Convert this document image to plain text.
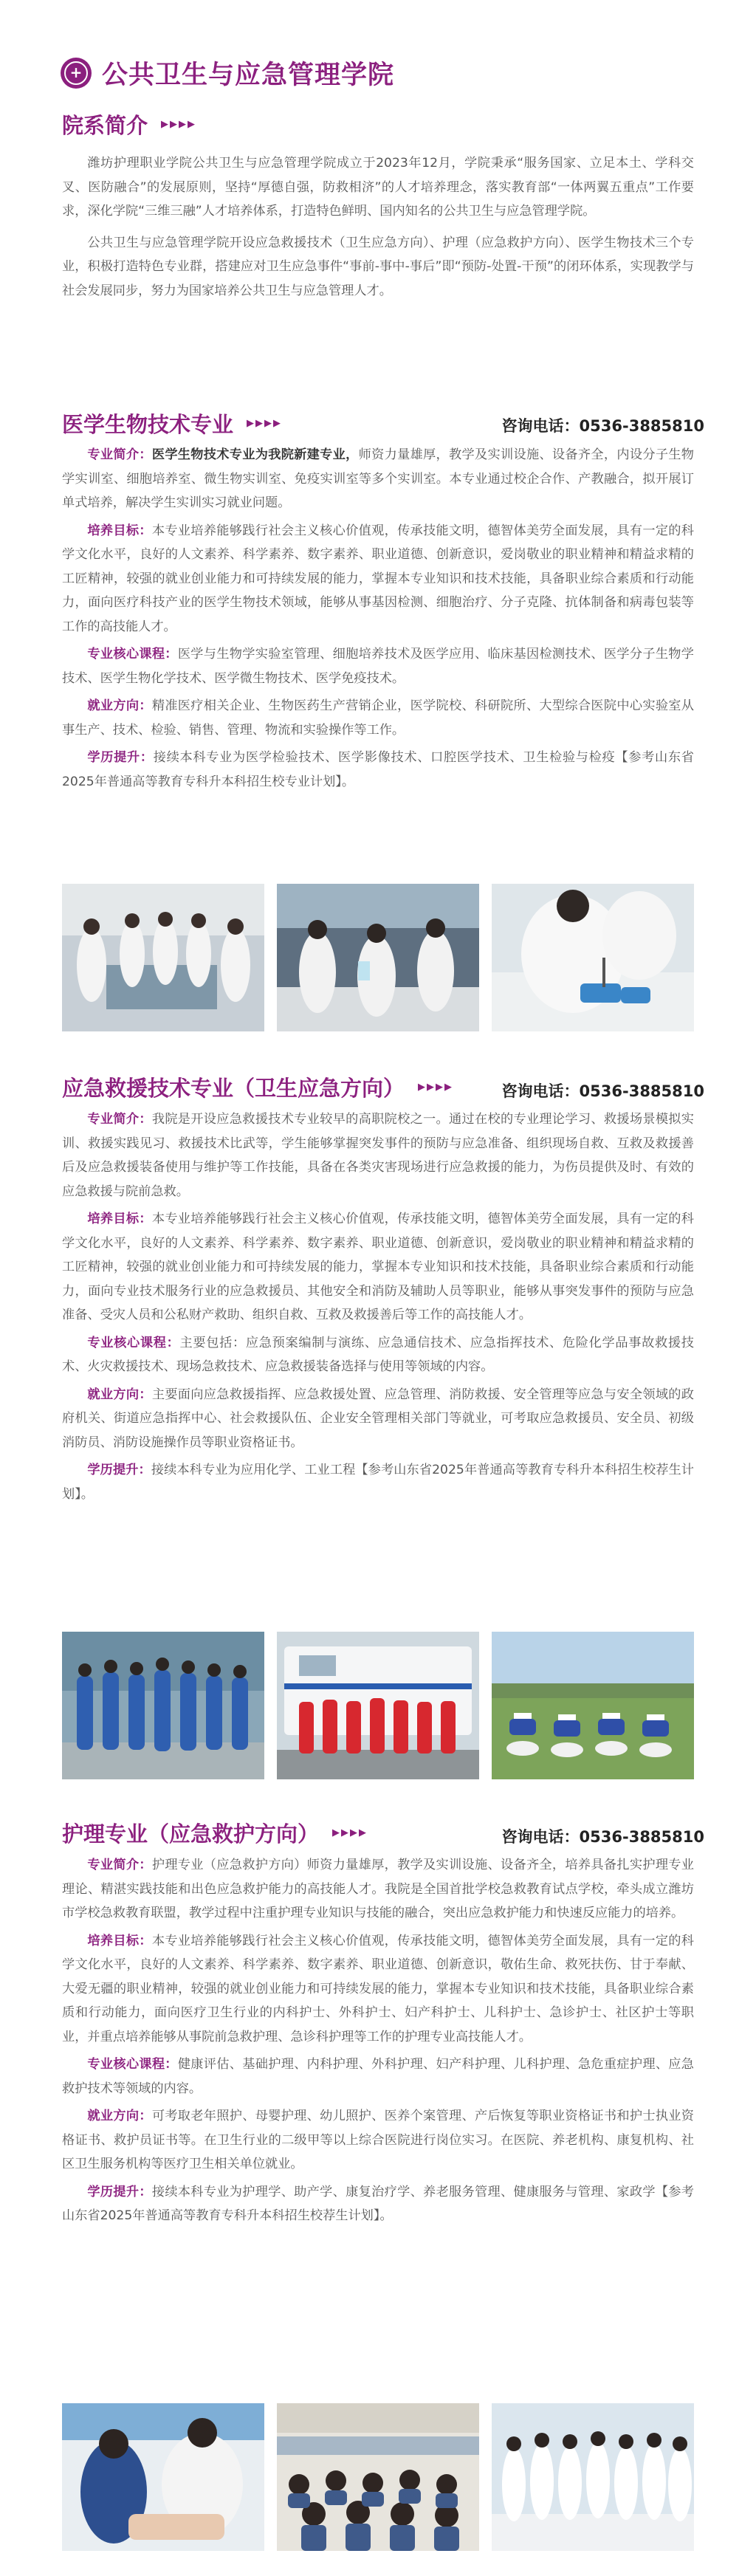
+
公共卫生与应急管理学院
院系简介 ▶▶▶▶
潍坊护理职业学院公共卫生与应急管理学院成立于2023年12月，学院秉承“服务国家、立足本土、学科交叉、医防融合”的发展原则，坚持“厚德自强，防救相济”的人才培养理念，落实教育部“一体两翼五重点”工作要求，深化学院“三维三融”人才培养体系，打造特色鲜明、国内知名的公共卫生与应急管理学院。
公共卫生与应急管理学院开设应急救援技术（卫生应急方向）、护理（应急救护方向）、医学生物技术三个专业，积极打造特色专业群，搭建应对卫生应急事件“事前-事中-事后”即“预防-处置-干预”的闭环体系，实现教学与社会发展同步，努力为国家培养公共卫生与应急管理人才。
医学生物技术专业 ▶▶▶▶	咨询电话：0536-3885810
专业简介：医学生物技术专业为我院新建专业，师资力量雄厚，教学及实训设施、设备齐全，内设分子生物学实训室、细胞培养室、微生物实训室、免疫实训室等多个实训室。本专业通过校企合作、产教融合，拟开展订单式培养，解决学生实训实习就业问题。
培养目标：本专业培养能够践行社会主义核心价值观，传承技能文明，德智体美劳全面发展，具有一定的科学文化水平，良好的人文素养、科学素养、数字素养、职业道德、创新意识，爱岗敬业的职业精神和精益求精的工匠精神，较强的就业创业能力和可持续发展的能力，掌握本专业知识和技术技能，具备职业综合素质和行动能力，面向医疗科技产业的医学生物技术领域，能够从事基因检测、细胞治疗、分子克隆、抗体制备和病毒包装等工作的高技能人才。
专业核心课程：医学与生物学实验室管理、细胞培养技术及医学应用、临床基因检测技术、医学分子生物学技术、医学生物化学技术、医学微生物技术、医学免疫技术。
就业方向：精准医疗相关企业、生物医药生产营销企业，医学院校、科研院所、大型综合医院中心实验室从事生产、技术、检验、销售、管理、物流和实验操作等工作。
学历提升：接续本科专业为医学检验技术、医学影像技术、口腔医学技术、卫生检验与检疫【参考山东省2025年普通高等教育专科升本科招生校专业计划】。
应急救援技术专业（卫生应急方向） ▶▶▶▶	咨询电话：0536-3885810
专业简介：我院是开设应急救援技术专业较早的高职院校之一。通过在校的专业理论学习、救援场景模拟实训、救援实践见习、救援技术比武等，学生能够掌握突发事件的预防与应急准备、组织现场自救、互救及救援善后及应急救援装备使用与维护等工作技能，具备在各类灾害现场进行应急救援的能力，为伤员提供及时、有效的应急救援与院前急救。
培养目标：本专业培养能够践行社会主义核心价值观，传承技能文明，德智体美劳全面发展，具有一定的科学文化水平，良好的人文素养、科学素养、数字素养、职业道德、创新意识，爱岗敬业的职业精神和精益求精的工匠精神，较强的就业创业能力和可持续发展的能力，掌握本专业知识和技术技能，具备职业综合素质和行动能力，面向专业技术服务行业的应急救援员、其他安全和消防及辅助人员等职业，能够从事突发事件的预防与应急准备、受灾人员和公私财产救助、组织自救、互救及救援善后等工作的高技能人才。
专业核心课程：主要包括：应急预案编制与演练、应急通信技术、应急指挥技术、危险化学品事故救援技术、火灾救援技术、现场急救技术、应急救援装备选择与使用等领域的内容。
就业方向：主要面向应急救援指挥、应急救援处置、应急管理、消防救援、安全管理等应急与安全领域的政府机关、街道应急指挥中心、社会救援队伍、企业安全管理相关部门等就业，可考取应急救援员、安全员、初级消防员、消防设施操作员等职业资格证书。
学历提升：接续本科专业为应用化学、工业工程【参考山东省2025年普通高等教育专科升本科招生校荐生计划】。
护理专业（应急救护方向） ▶▶▶▶	咨询电话：0536-3885810
专业简介：护理专业（应急救护方向）师资力量雄厚，教学及实训设施、设备齐全，培养具备扎实护理专业理论、精湛实践技能和出色应急救护能力的高技能人才。我院是全国首批学校急救教育试点学校，牵头成立潍坊市学校急救教育联盟，教学过程中注重护理专业知识与技能的融合，突出应急救护能力和快速反应能力的培养。
培养目标：本专业培养能够践行社会主义核心价值观，传承技能文明，德智体美劳全面发展，具有一定的科学文化水平，良好的人文素养、科学素养、数字素养、职业道德、创新意识，敬佑生命、救死扶伤、甘于奉献、大爱无疆的职业精神，较强的就业创业能力和可持续发展的能力，掌握本专业知识和技术技能，具备职业综合素质和行动能力，面向医疗卫生行业的内科护士、外科护士、妇产科护士、儿科护士、急诊护士、社区护士等职业，并重点培养能够从事院前急救护理、急诊科护理等工作的护理专业高技能人才。
专业核心课程：健康评估、基础护理、内科护理、外科护理、妇产科护理、儿科护理、急危重症护理、应急救护技术等领域的内容。
就业方向：可考取老年照护、母婴护理、幼儿照护、医养个案管理、产后恢复等职业资格证书和护士执业资格证书、救护员证书等。在卫生行业的二级甲等以上综合医院进行岗位实习。在医院、养老机构、康复机构、社区卫生服务机构等医疗卫生相关单位就业。
学历提升：接续本科专业为护理学、助产学、康复治疗学、养老服务管理、健康服务与管理、家政学【参考山东省2025年普通高等教育专科升本科招生校荐生计划】。
